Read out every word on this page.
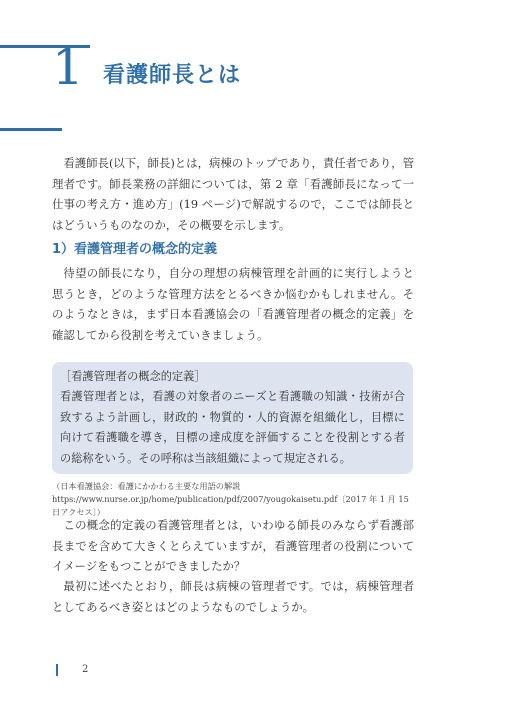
1 看護師長とは

看護師長(以下，師長)とは，病棟のトップであり，責任者であり，管理者です。師長業務の詳細については，第 2 章「看護師長になって一仕事の考え方・進め方」(19 ページ)で解説するので，ここでは師長とはどういうものなのか，その概要を示します。

1）看護管理者の概念的定義

待望の師長になり，自分の理想の病棟管理を計画的に実行しようと思うとき，どのような管理方法をとるべきか悩むかもしれません。そのようなときは，まず日本看護協会の「看護管理者の概念的定義」を確認してから役割を考えていきましょう。

［看護管理者の概念的定義］
看護管理者とは，看護の対象者のニーズと看護職の知識・技術が合致するよう計画し，財政的・物質的・人的資源を組織化し，目標に向けて看護職を導き，目標の達成度を評価することを役割とする者の総称をいう。その呼称は当該組織によって規定される。
（日本看護協会：看護にかかわる主要な用語の解説 https://www.nurse.or.jp/home/publication/pdf/2007/yougokaisetu.pdf〔2017 年 1 月 15 日アクセス〕）

この概念的定義の看護管理者とは，いわゆる師長のみならず看護部長までを含めて大きくとらえていますが，看護管理者の役割についてイメージをもつことができましたか？

最初に述べたとおり，師長は病棟の管理者です。では，病棟管理者としてあるべき姿とはどのようなものでしょうか。

2
